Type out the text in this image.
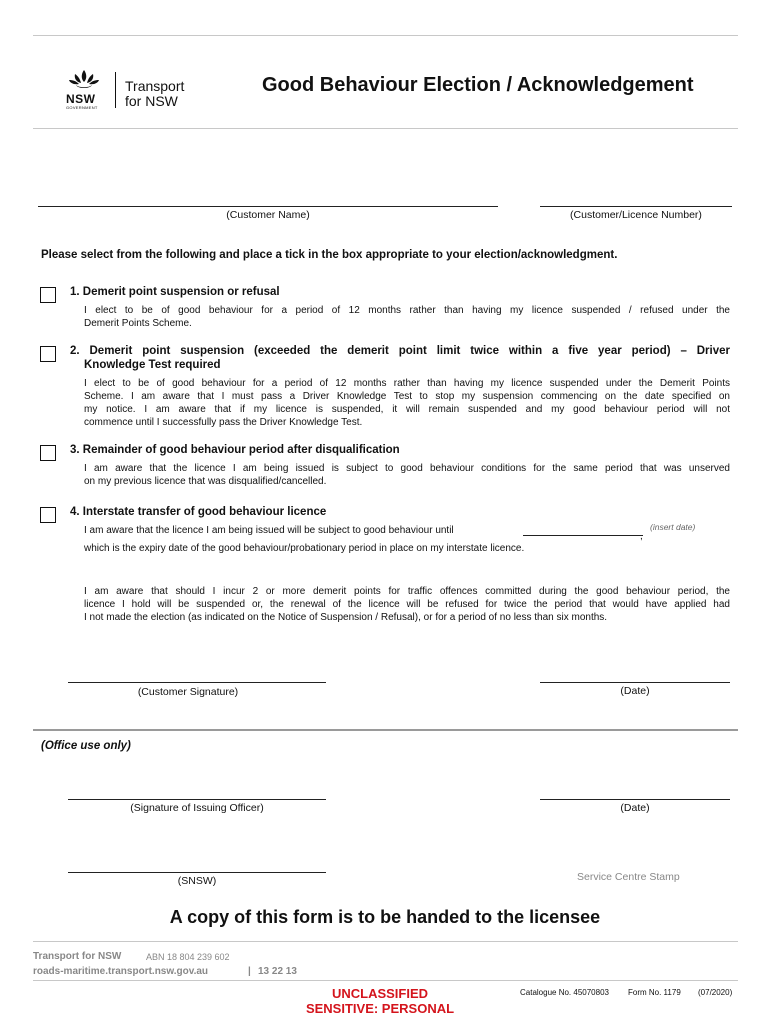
NSW
GOVERNMENT
Transport
for NSW
Good Behaviour Election / Acknowledgement
(Customer Name)	(Customer/Licence Number)
Please select from the following and place a tick in the box appropriate to your election/acknowledgment.
1. Demerit point suspension or refusal
I elect to be of good behaviour for a period of 12 months rather than having my licence suspended / refused under the
Demerit Points Scheme.
2. Demerit point suspension (exceeded the demerit point limit twice within a five year period) – Driver
Knowledge Test required
I elect to be of good behaviour for a period of 12 months rather than having my licence suspended under the Demerit Points
Scheme. I am aware that I must pass a Driver Knowledge Test to stop my suspension commencing on the date specified on
my notice. I am aware that if my licence is suspended, it will remain suspended and my good behaviour period will not
commence until I successfully pass the Driver Knowledge Test.
3. Remainder of good behaviour period after disqualification
I am aware that the licence I am being issued is subject to good behaviour conditions for the same period that was unserved
on my previous licence that was disqualified/cancelled.
4. Interstate transfer of good behaviour licence
I am aware that the licence I am being issued will be subject to good behaviour until
,
(insert date)
which is the expiry date of the good behaviour/probationary period in place on my interstate licence.
I am aware that should I incur 2 or more demerit points for traffic offences committed during the good behaviour period, the
licence I hold will be suspended or, the renewal of the licence will be refused for twice the period that would have applied had
I not made the election (as indicated on the Notice of Suspension / Refusal), or for a period of no less than six months.
(Customer Signature)	(Date)
(Office use only)
(Signature of Issuing Officer)	(Date)
(SNSW)	Service Centre Stamp
A copy of this form is to be handed to the licensee
Transport for NSW	ABN 18 804 239 602
roads-maritime.transport.nsw.gov.au	| 13 22 13
UNCLASSIFIED
SENSITIVE: PERSONAL
Catalogue No. 45070803 Form No. 1179 (07/2020)
